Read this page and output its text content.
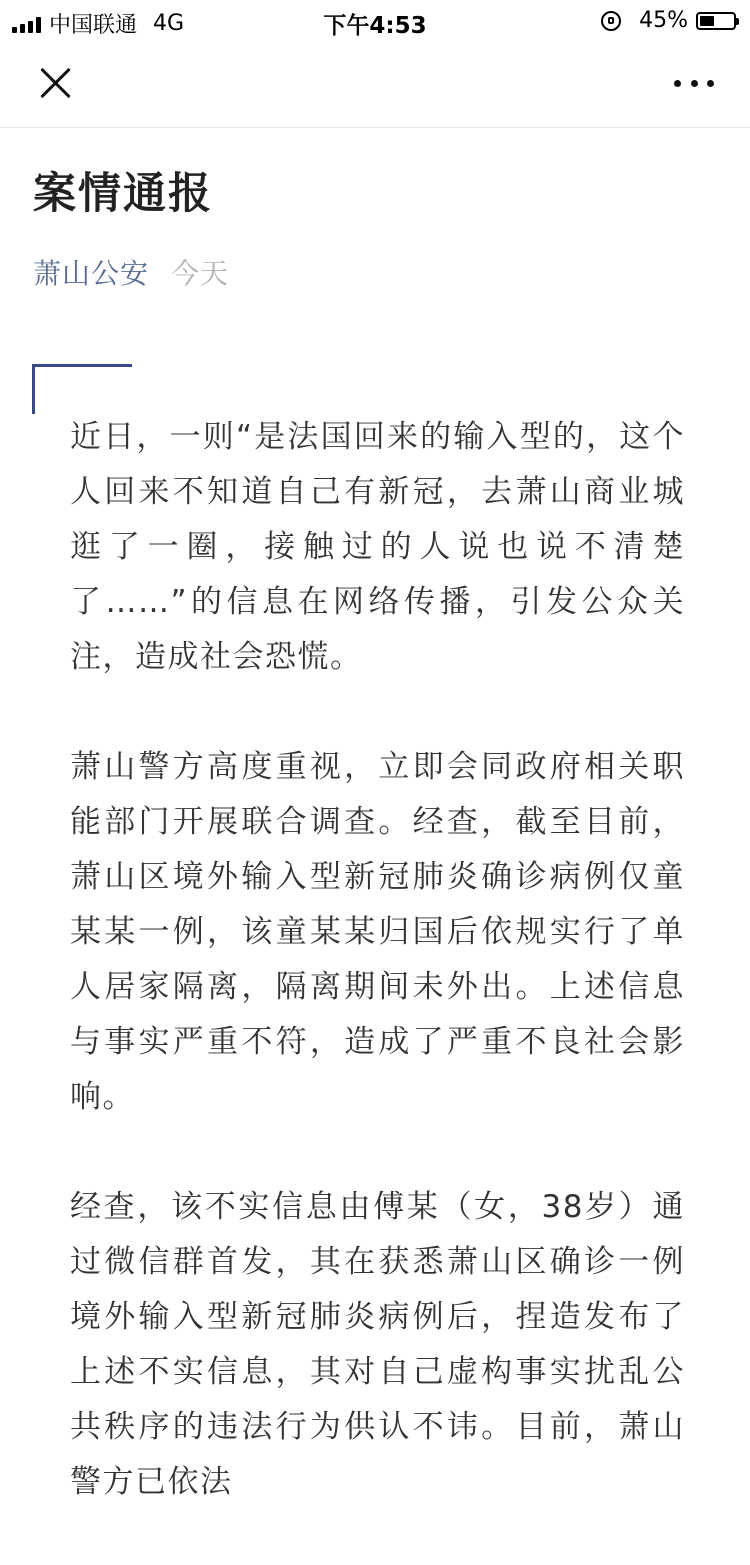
中国联通 4G	下午4:53	45%
案情通报
萧山公安 今天

近日，一则“是法国回来的输入型的，这个人回来不知道自己有新冠，去萧山商业城逛了一圈，接触过的人说也说不清楚了……”的信息在网络传播，引发公众关注，造成社会恐慌。

萧山警方高度重视，立即会同政府相关职能部门开展联合调查。经查，截至目前，萧山区境外输入型新冠肺炎确诊病例仅童某某一例，该童某某归国后依规实行了单人居家隔离，隔离期间未外出。上述信息与事实严重不符，造成了严重不良社会影响。

经查，该不实信息由傅某（女，38岁）通过微信群首发，其在获悉萧山区确诊一例境外输入型新冠肺炎病例后，捏造发布了上述不实信息，其对自己虚构事实扰乱公共秩序的违法行为供认不讳。目前，萧山警方已依法
